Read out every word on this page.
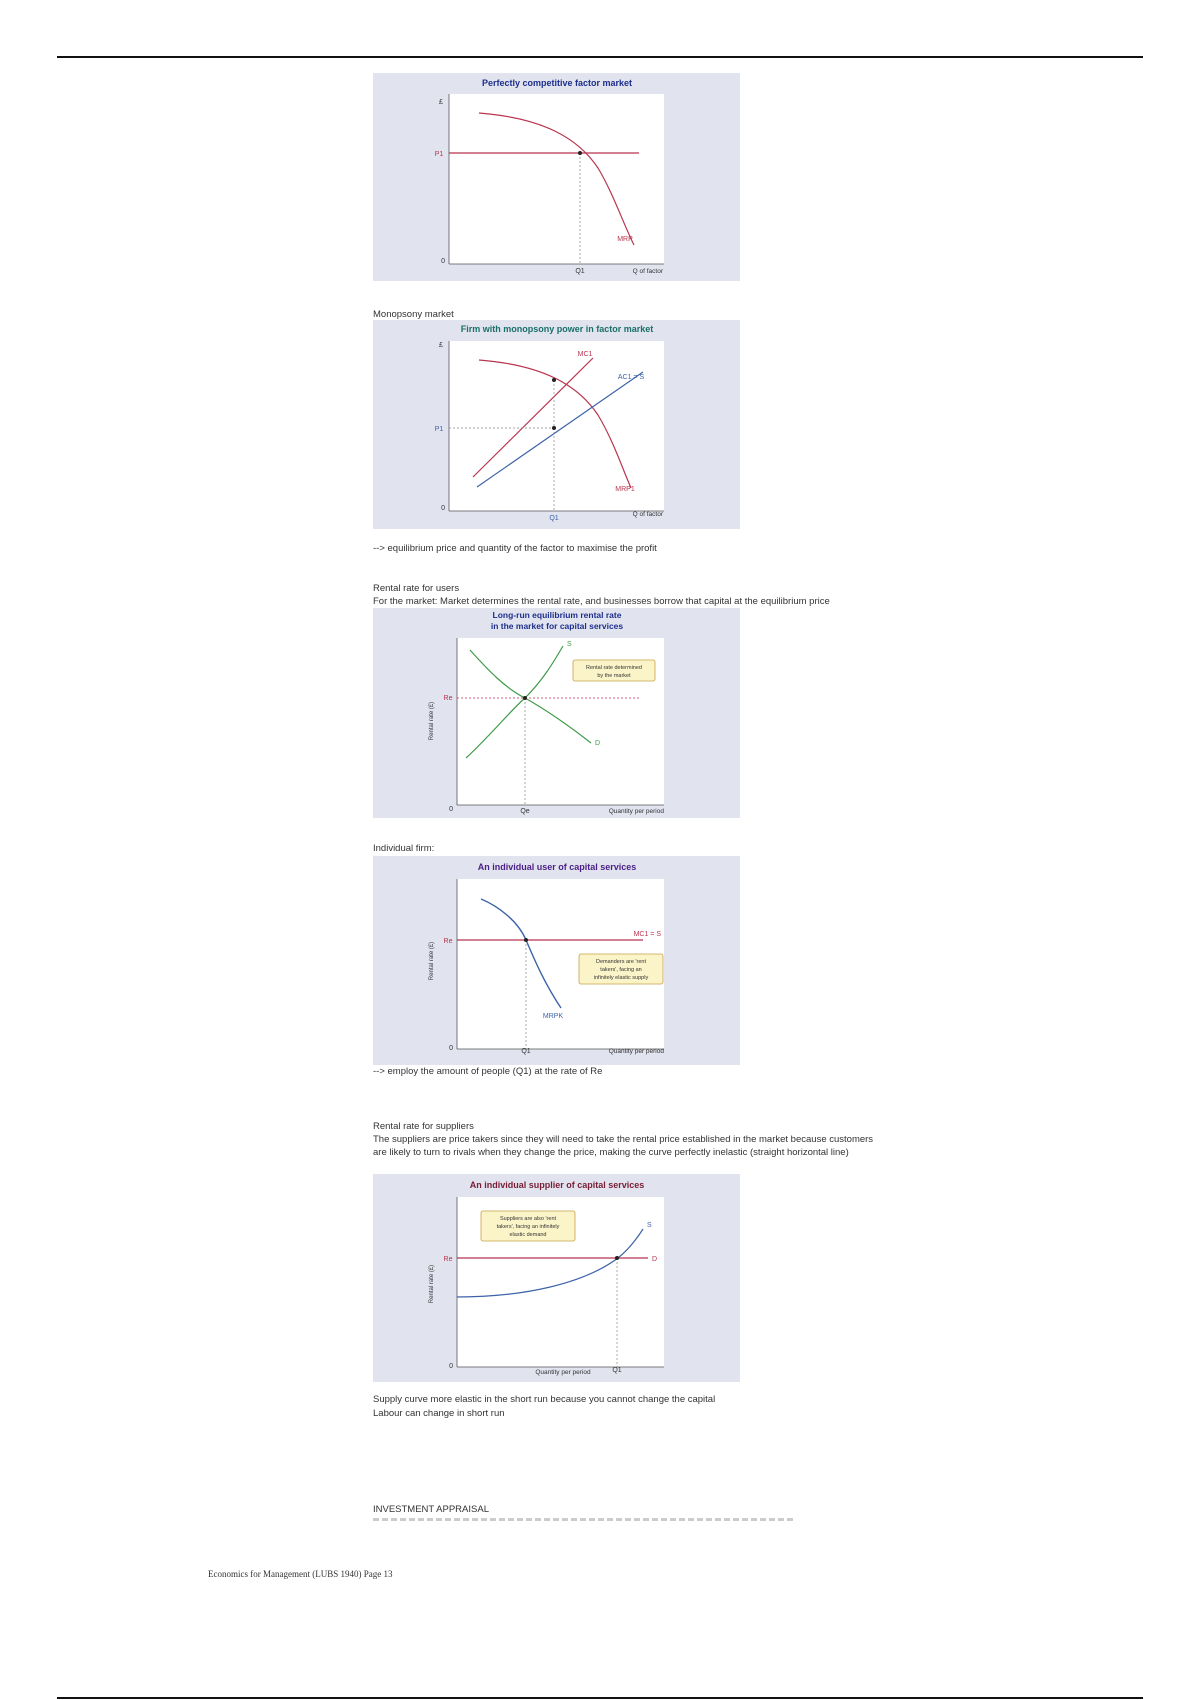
Perfectly competitive factor market
£
P1
0
Q1	Q of factor
MRP

Monopsony market

Firm with monopsony power in factor market
£
MC1
AC1 = S
P1
0
Q1
Q of factor
MRP1

--> equilibrium price and quantity of the factor to maximise the profit

Rental rate for users

For the market: Market determines the rental rate, and businesses borrow that capital at the equilibrium price

Long-run equilibrium rental rate
in the market for capital services
Rental rate determined
by the market
Rental rate (£)
Re
0	Qe	Quantity per period
S
D

Individual firm:

An individual user of capital services
Demanders are 'rent
takers', facing an
infinitely elastic supply
Rental rate (£)
Re
0	Q1	Quantity per period
MC1 = S
MRPK

--> employ the amount of people (Q1) at the rate of Re

Rental rate for suppliers

The suppliers are price takers since they will need to take the rental price established in the market because customers are likely to turn to rivals when they change the price, making the curve perfectly inelastic (straight horizontal line)

An individual supplier of capital services
Suppliers are also 'rent
takers', facing an infinitely
elastic demand
Rental rate (£)
Re
0
Q1
Quantity per period
S
D

Supply curve more elastic in the short run because you cannot change the capital

Labour can change in short run

INVESTMENT APPRAISAL

Economics for Management (LUBS 1940) Page 13
